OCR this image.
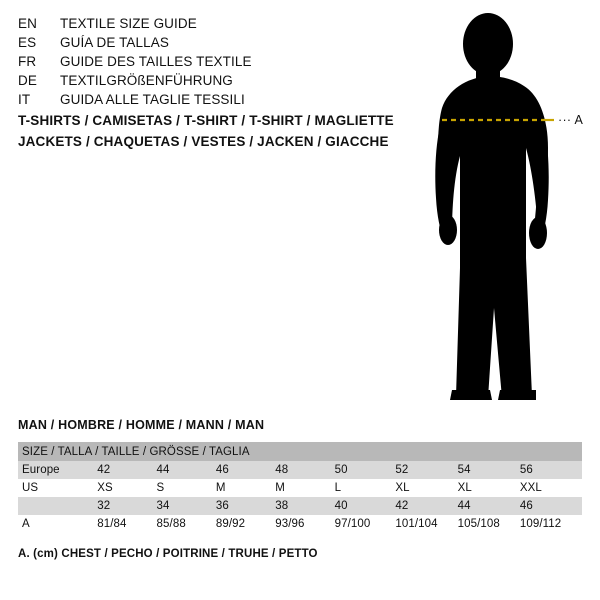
EN	TEXTILE SIZE GUIDE
ES	GUÍA DE TALLAS
FR	GUIDE DES TAILLES TEXTILE
DE	TEXTILGRÖßENFÜHRUNG
IT	GUIDA ALLE TAGLIE TESSILI
T-SHIRTS / CAMISETAS / T-SHIRT / T-SHIRT / MAGLIETTE
JACKETS / CHAQUETAS / VESTES / JACKEN / GIACCHE
··· A
MAN / HOMBRE / HOMME / MANN / MAN
SIZE / TALLA / TAILLE / GRÖSSE / TAGLIA								
Europe	42	44	46	48	50	52	54	56
US	XS	S	M	M	L	XL	XL	XXL
	32	34	36	38	40	42	44	46
A	81/84	85/88	89/92	93/96	97/100	101/104	105/108	109/112
A. (cm) CHEST / PECHO / POITRINE / TRUHE / PETTO
